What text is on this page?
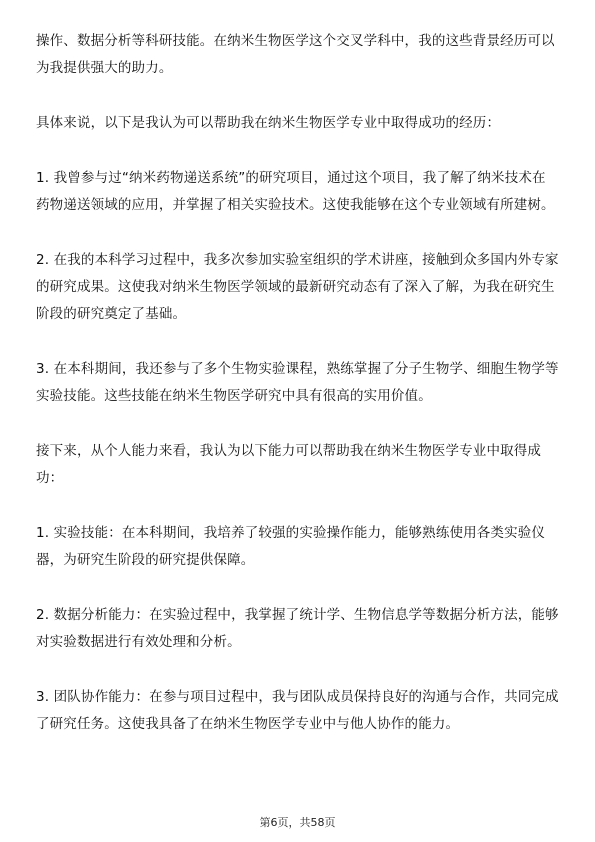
操作、数据分析等科研技能。在纳米生物医学这个交叉学科中，我的这些背景经历可以为我提供强大的助力。

具体来说，以下是我认为可以帮助我在纳米生物医学专业中取得成功的经历：

1. 我曾参与过“纳米药物递送系统”的研究项目，通过这个项目，我了解了纳米技术在药物递送领域的应用，并掌握了相关实验技术。这使我能够在这个专业领域有所建树。

2. 在我的本科学习过程中，我多次参加实验室组织的学术讲座，接触到众多国内外专家的研究成果。这使我对纳米生物医学领域的最新研究动态有了深入了解，为我在研究生阶段的研究奠定了基础。

3. 在本科期间，我还参与了多个生物实验课程，熟练掌握了分子生物学、细胞生物学等实验技能。这些技能在纳米生物医学研究中具有很高的实用价值。

接下来，从个人能力来看，我认为以下能力可以帮助我在纳米生物医学专业中取得成功：

1. 实验技能：在本科期间，我培养了较强的实验操作能力，能够熟练使用各类实验仪器，为研究生阶段的研究提供保障。

2. 数据分析能力：在实验过程中，我掌握了统计学、生物信息学等数据分析方法，能够对实验数据进行有效处理和分析。

3. 团队协作能力：在参与项目过程中，我与团队成员保持良好的沟通与合作，共同完成了研究任务。这使我具备了在纳米生物医学专业中与他人协作的能力。

第6页，共58页
